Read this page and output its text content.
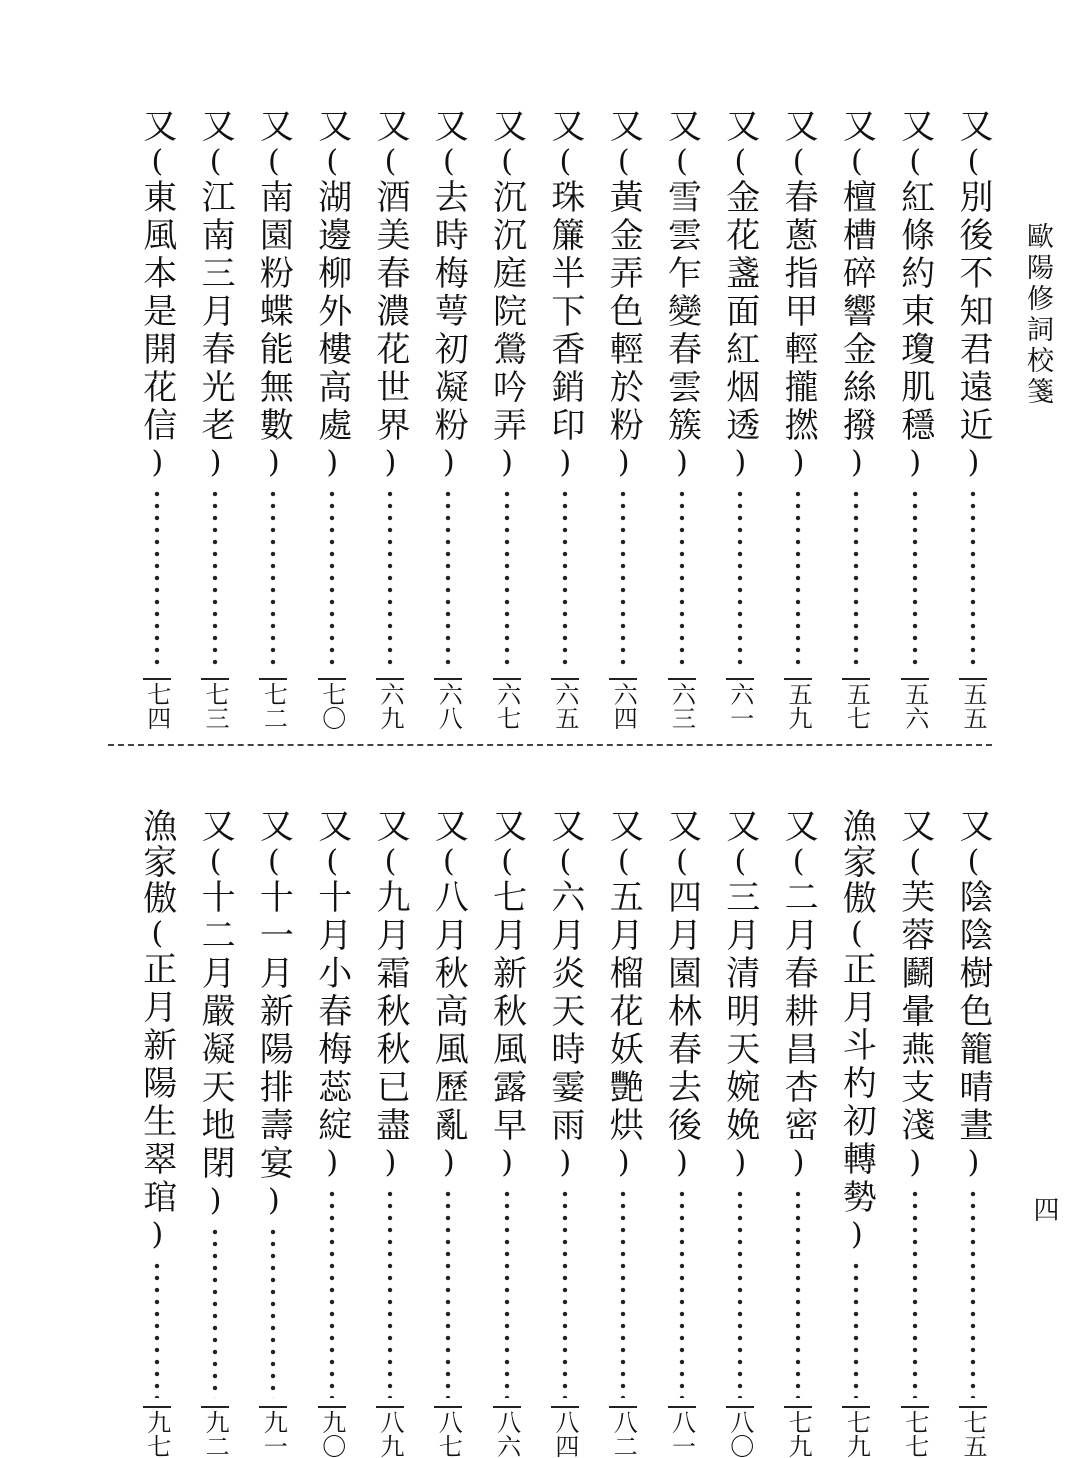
歐陽修詞校箋
四
又
(
別後不知君遠近
)
五五
又
(
紅條約束瓊肌穩
)
五六
又
(
檀槽碎響金絲撥
)
五七
又
(
春蔥指甲輕攏撚
)
五九
又
(
金花盞面紅烟透
)
六一
又
(
雪雲乍變春雲簇
)
六三
又
(
黃金弄色輕於粉
)
六四
又
(
珠簾半下香銷印
)
六五
又
(
沉沉庭院鶯吟弄
)
六七
又
(
去時梅萼初凝粉
)
六八
又
(
酒美春濃花世界
)
六九
又
(
湖邊柳外樓高處
)
七〇
又
(
南園粉蝶能無數
)
七二
又
(
江南三月春光老
)
七三
又
(
東風本是開花信
)
七四
又
(
陰陰樹色籠晴晝
)
七五
又
(
芙蓉鬬暈燕支淺
)
七七
漁家傲
(
正月斗杓初轉勢
)
七九
又
(
二月春耕昌杏密
)
七九
又
(
三月清明天婉娩
)
八〇
又
(
四月園林春去後
)
八一
又
(
五月榴花妖艷烘
)
八二
又
(
六月炎天時霎雨
)
八四
又
(
七月新秋風露早
)
八六
又
(
八月秋高風歷亂
)
八七
又
(
九月霜秋秋已盡
)
八九
又
(
十月小春梅蕊綻
)
九〇
又
(
十一月新陽排壽宴
)
九一
又
(
十二月嚴凝天地閉
)
九二
漁家傲
(
正月新陽生翠琯
)
九七
